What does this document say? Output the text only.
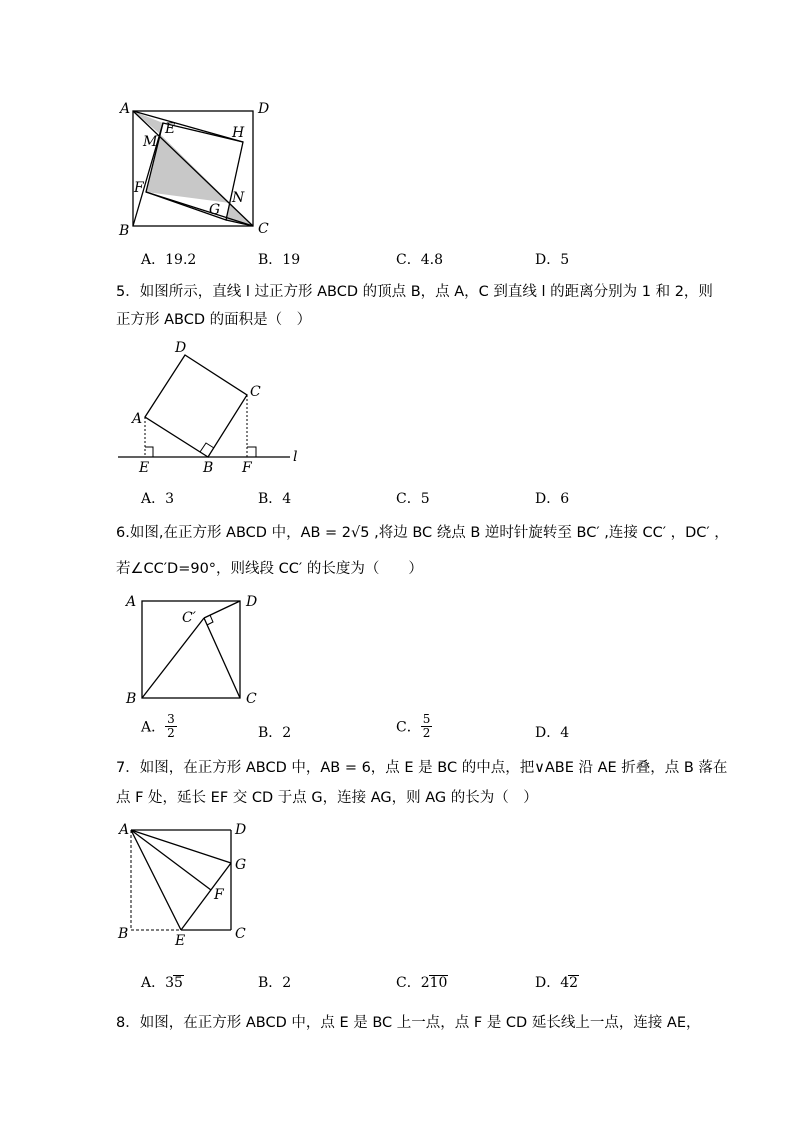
A	D
M
E	H
F
N
G
B	C
A．19.2	B．19	C．4.8	D．5
5．如图所示，直线 l 过正方形 ABCD 的顶点 B，点 A，C 到直线 l 的距离分别为 1 和 2，则
正方形 ABCD 的面积是（　）
D
C
A
E	B F
l
A．3	B．4	C．5	D．6
6.如图,在正方形 ABCD 中，AB = 2√5 ,将边 BC 绕点 B 逆时针旋转至 BC′ ,连接 CC′ ，DC′ ，
若∠CC′D=90°，则线段 CC′ 的长度为（　　）
A	D
C′
B	C
A． $\frac{3}{2}$	B．2	C． $\frac{5}{2}$	D．4
7．如图，在正方形 ABCD 中，AB = 6，点 E 是 BC 的中点，把∨ABE 沿 AE 折叠，点 B 落在
点 F 处，延长 EF 交 CD 于点 G，连接 AG，则 AG 的长为（　）
A	D
G
F
B	E	C
A．35	B．2	C．210	D．42
8．如图，在正方形 ABCD 中，点 E 是 BC 上一点，点 F 是 CD 延长线上一点，连接 AE，
